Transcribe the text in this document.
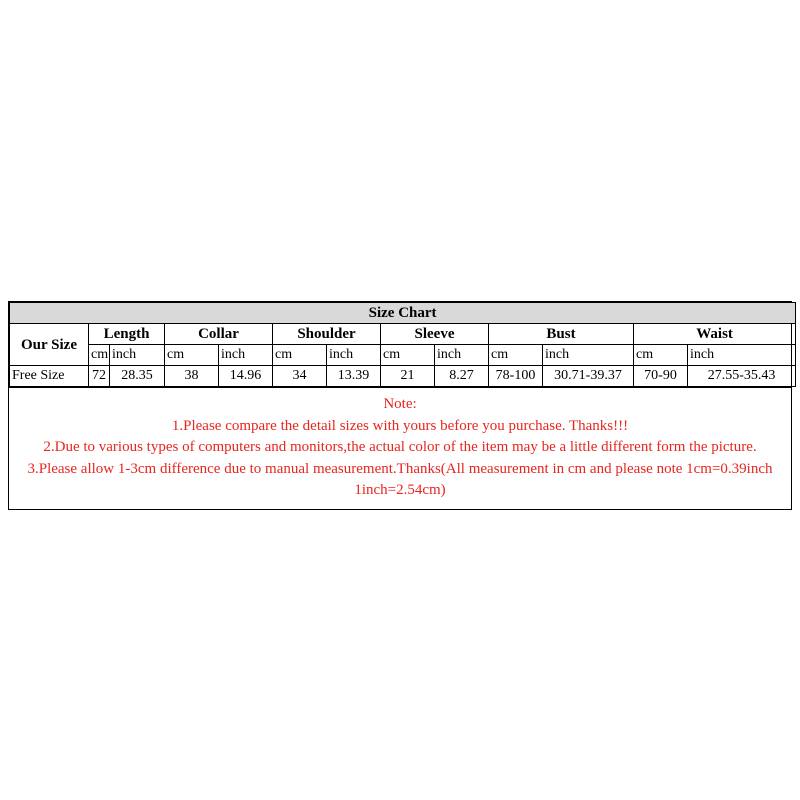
Size Chart												
Our Size	Length		Collar		Shoulder		Sleeve		Bust		Waist	
	cm	inch	cm	inch	cm	inch	cm	inch	cm	inch	cm	inch
Free Size	72	28.35	38	14.96	34	13.39	21	8.27	78-100	30.71-39.37	70-90	27.55-35.43
Note:
1.Please compare the detail sizes with yours before you purchase. Thanks!!!
2.Due to various types of computers and monitors,the actual color of the item may be a little different form the picture.
3.Please allow 1-3cm difference due to manual measurement.Thanks(All measurement in cm and please note 1cm=0.39inch 1inch=2.54cm)
